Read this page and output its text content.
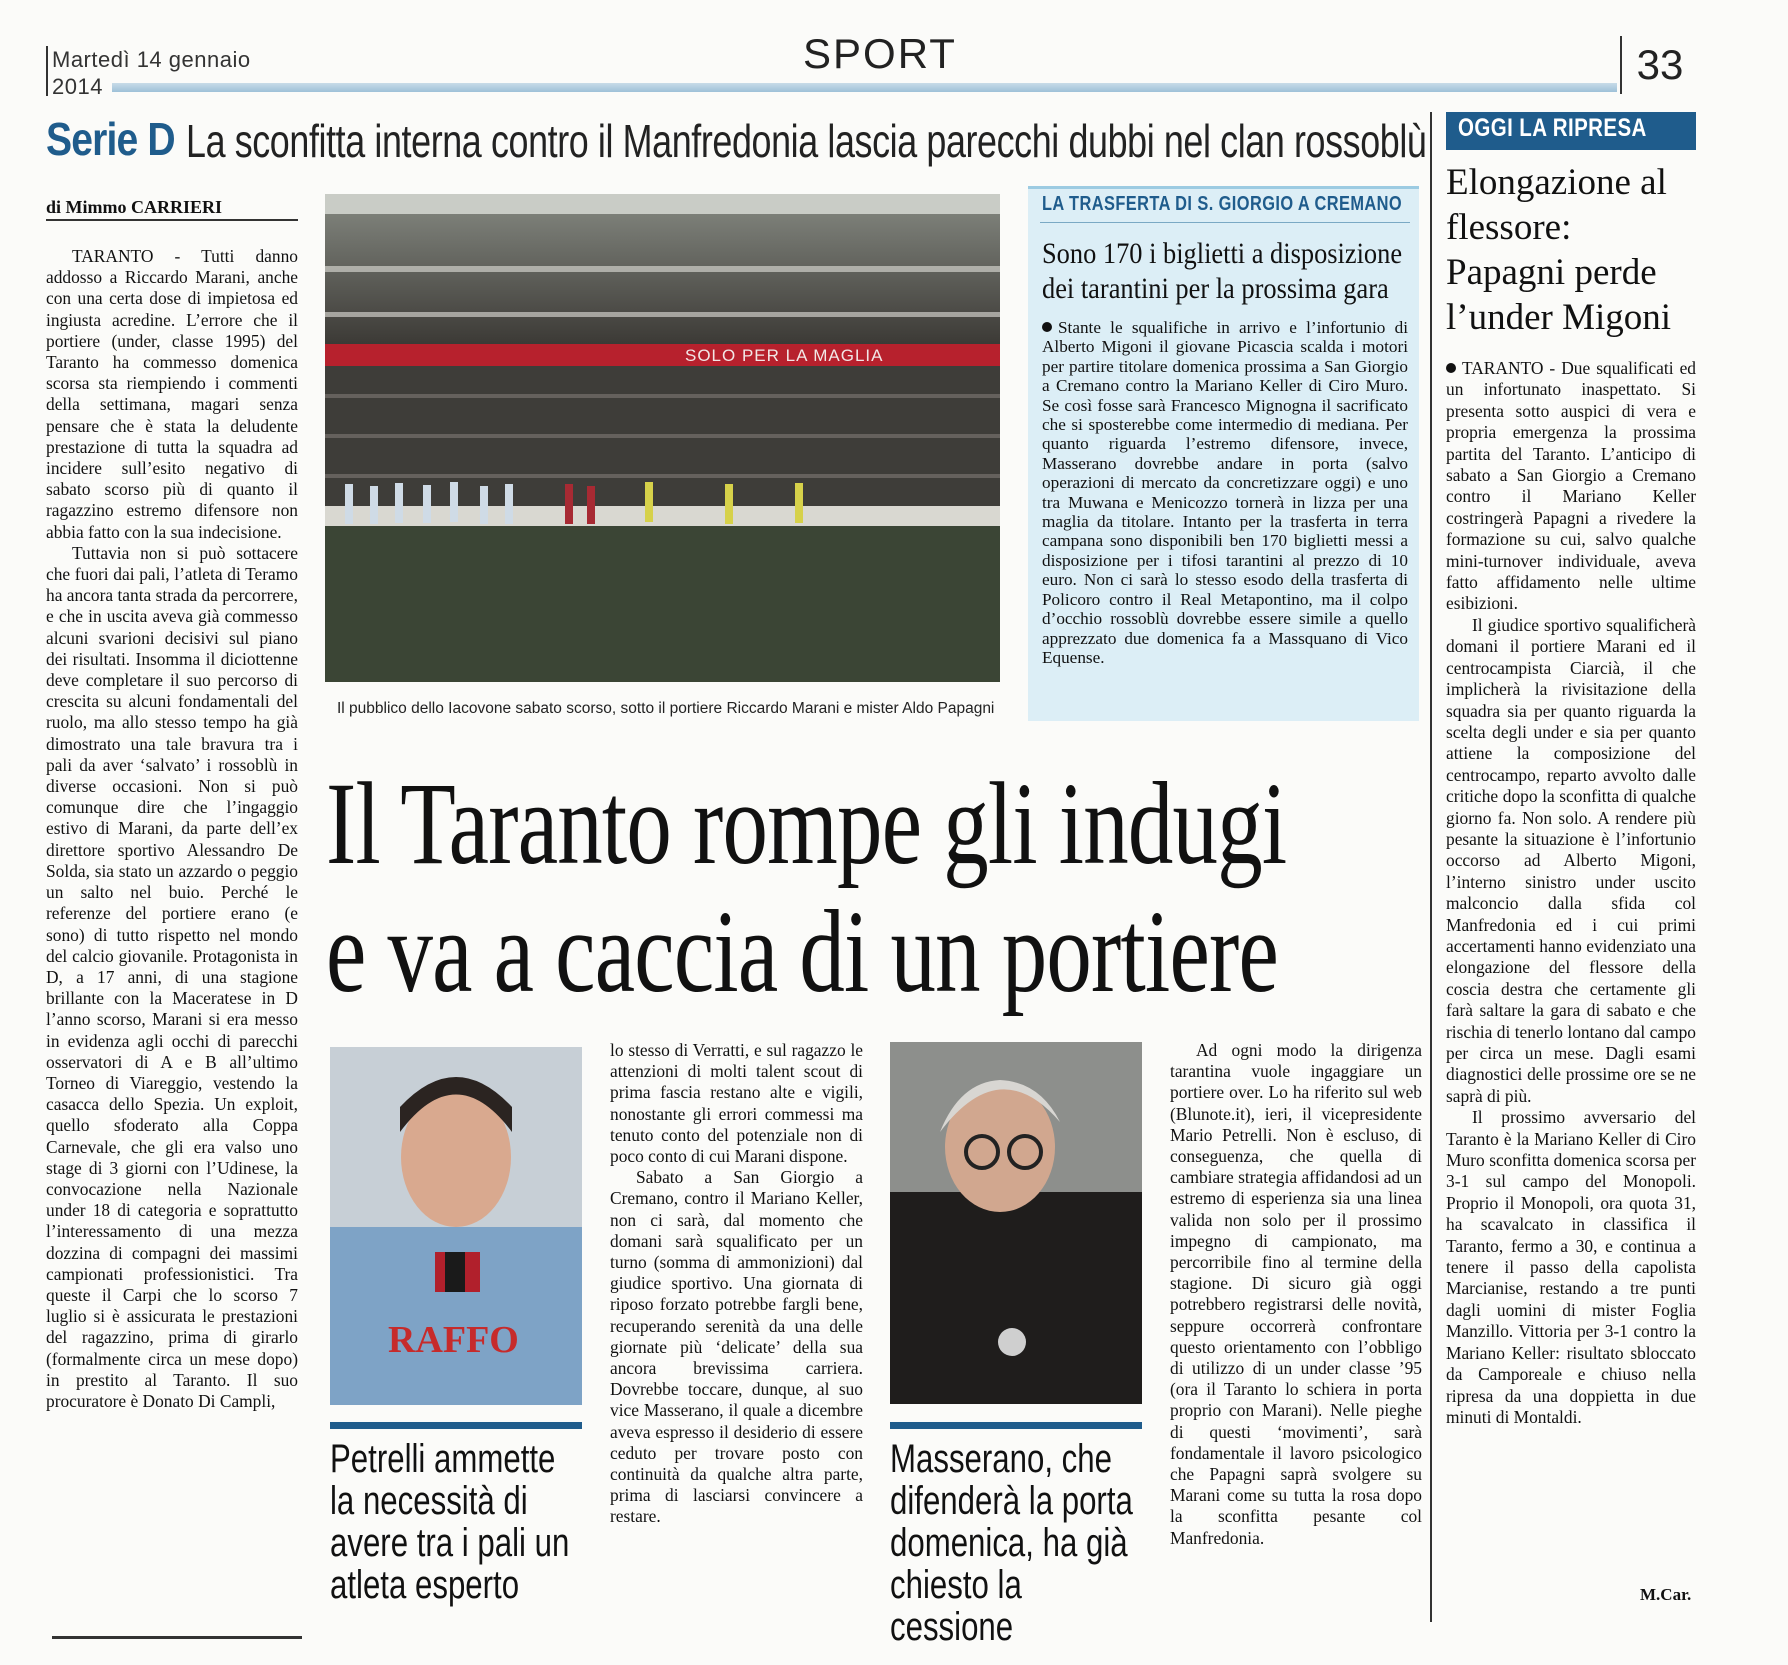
Martedì 14 gennaio
2014
SPORT	33
Serie D La sconfitta interna contro il Manfredonia lascia parecchi dubbi nel clan rossoblù
di Mimmo CARRIERI

TARANTO - Tutti danno addosso a Riccardo Marani, anche con una certa dose di impietosa ed ingiusta acredine. L’errore che il portiere (under, classe 1995) del Taranto ha commesso domenica scorsa sta riempiendo i commenti della settimana, magari senza pensare che è stata la deludente prestazione di tutta la squadra ad incidere sull’esito negativo di sabato scorso più di quanto il ragazzino estremo difensore non abbia fatto con la sua indecisione.

Tuttavia non si può sottacere che fuori dai pali, l’atleta di Teramo ha ancora tanta strada da percorrere, e che in uscita aveva già commesso alcuni svarioni decisivi sul piano dei risultati. Insomma il diciottenne deve completare il suo percorso di crescita su alcuni fondamentali del ruolo, ma allo stesso tempo ha già dimostrato una tale bravura tra i pali da aver ‘salvato’ i rossoblù in diverse occasioni. Non si può comunque dire che l’ingaggio estivo di Marani, da parte dell’ex direttore sportivo Alessandro De Solda, sia stato un azzardo o peggio un salto nel buio. Perché le referenze del portiere erano (e sono) di tutto rispetto nel mondo del calcio giovanile. Protagonista in D, a 17 anni, di una stagione brillante con la Maceratese in D l’anno scorso, Marani si era messo in evidenza agli occhi di parecchi osservatori di A e B all’ultimo Torneo di Viareggio, vestendo la casacca dello Spezia. Un exploit, quello sfoderato alla Coppa Carnevale, che gli era valso uno stage di 3 giorni con l’Udinese, la convocazione nella Nazionale under 18 di categoria e soprattutto l’interessamento di una mezza dozzina di compagni dei massimi campionati professionistici. Tra queste il Carpi che lo scorso 7 luglio si è assicurata le prestazioni del ragazzino, prima di girarlo (formalmente circa un mese dopo) in prestito al Taranto. Il suo procuratore è Donato Di Campli,

SOLO PER LA MAGLIA
Il pubblico dello Iacovone sabato scorso, sotto il portiere Riccardo Marani e mister Aldo Papagni
LA TRASFERTA DI S. GIORGIO A CREMANO
Sono 170 i biglietti a disposizione dei tarantini per la prossima gara
Stante le squalifiche in arrivo e l’infortunio di Alberto Migoni il giovane Picascia scalda i motori per partire titolare domenica prossima a San Giorgio a Cremano contro la Mariano Keller di Ciro Muro. Se così fosse sarà Francesco Mignogna il sacrificato che si sposterebbe come intermedio di mediana. Per quanto riguarda l’estremo difensore, invece, Masserano dovrebbe andare in porta (salvo operazioni di mercato da concretizzare oggi) e uno tra Muwana e Menicozzo tornerà in lizza per una maglia da titolare. Intanto per la trasferta in terra campana sono disponibili ben 170 biglietti messi a disposizione per i tifosi tarantini al prezzo di 10 euro. Non ci sarà lo stesso esodo della trasferta di Policoro contro il Real Metapontino, ma il colpo d’occhio rossoblù dovrebbe essere simile a quello apprezzato due domenica fa a Massquano di Vico Equense.
Il Taranto rompe gli indugi
e va a caccia di un portiere
RAFFO
Petrelli ammette la necessità di avere tra i pali un atleta esperto

lo stesso di Verratti, e sul ragazzo le attenzioni di molti talent scout di prima fascia restano alte e vigili, nonostante gli errori commessi ma tenuto conto del potenziale non di poco conto di cui Marani dispone.

Sabato a San Giorgio a Cremano, contro il Mariano Keller, non ci sarà, dal momento che domani sarà squalificato per un turno (somma di ammonizioni) dal giudice sportivo. Una giornata di riposo forzato potrebbe fargli bene, recuperando serenità da una delle giornate più ‘delicate’ della sua ancora brevissima carriera. Dovrebbe toccare, dunque, al suo vice Masserano, il quale a dicembre aveva espresso il desiderio di essere ceduto per trovare posto con continuità da qualche altra parte, prima di lasciarsi convincere a restare.

Masserano, che difenderà la porta domenica, ha già chiesto la cessione

Ad ogni modo la dirigenza tarantina vuole ingaggiare un portiere over. Lo ha riferito sul web (Blunote.it), ieri, il vicepresidente Mario Petrelli. Non è escluso, di conseguenza, che quella di cambiare strategia affidandosi ad un estremo di esperienza sia una linea valida non solo per il prossimo impegno di campionato, ma percorribile fino al termine della stagione. Di sicuro già oggi potrebbero registrarsi delle novità, seppure occorrerà confrontare questo orientamento con l’obbligo di utilizzo di un under classe ’95 (ora il Taranto lo schiera in porta proprio con Marani). Nelle pieghe di questi ‘movimenti’, sarà fondamentale il lavoro psicologico che Papagni saprà svolgere su Marani come su tutta la rosa dopo la sconfitta pesante col Manfredonia.

OGGI LA RIPRESA
Elongazione al flessore: Papagni perde l’under Migoni

TARANTO - Due squalificati ed un infortunato inaspettato. Si presenta sotto auspici di vera e propria emergenza la prossima partita del Taranto. L’anticipo di sabato a San Giorgio a Cremano contro il Mariano Keller costringerà Papagni a rivedere la formazione su cui, salvo qualche mini-turnover individuale, aveva fatto affidamento nelle ultime esibizioni.

Il giudice sportivo squalificherà domani il portiere Marani ed il centrocampista Ciarcià, il che implicherà la rivisitazione della squadra sia per quanto riguarda la scelta degli under e sia per quanto attiene la composizione del centrocampo, reparto avvolto dalle critiche dopo la sconfitta di qualche giorno fa. Non solo. A rendere più pesante la situazione è l’infortunio occorso ad Alberto Migoni, l’interno sinistro under uscito malconcio dalla sfida col Manfredonia ed i cui primi accertamenti hanno evidenziato una elongazione del flessore della coscia destra che certamente gli farà saltare la gara di sabato e che rischia di tenerlo lontano dal campo per circa un mese. Dagli esami diagnostici delle prossime ore se ne saprà di più.

Il prossimo avversario del Taranto è la Mariano Keller di Ciro Muro sconfitta domenica scorsa per 3-1 sul campo del Monopoli. Proprio il Monopoli, ora quota 31, ha scavalcato in classifica il Taranto, fermo a 30, e continua a tenere il passo della capolista Marcianise, restando a tre punti dagli uomini di mister Foglia Manzillo. Vittoria per 3-1 contro la Mariano Keller: risultato sbloccato da Camporeale e chiuso nella ripresa da una doppietta in due minuti di Montaldi.

M.Car.
